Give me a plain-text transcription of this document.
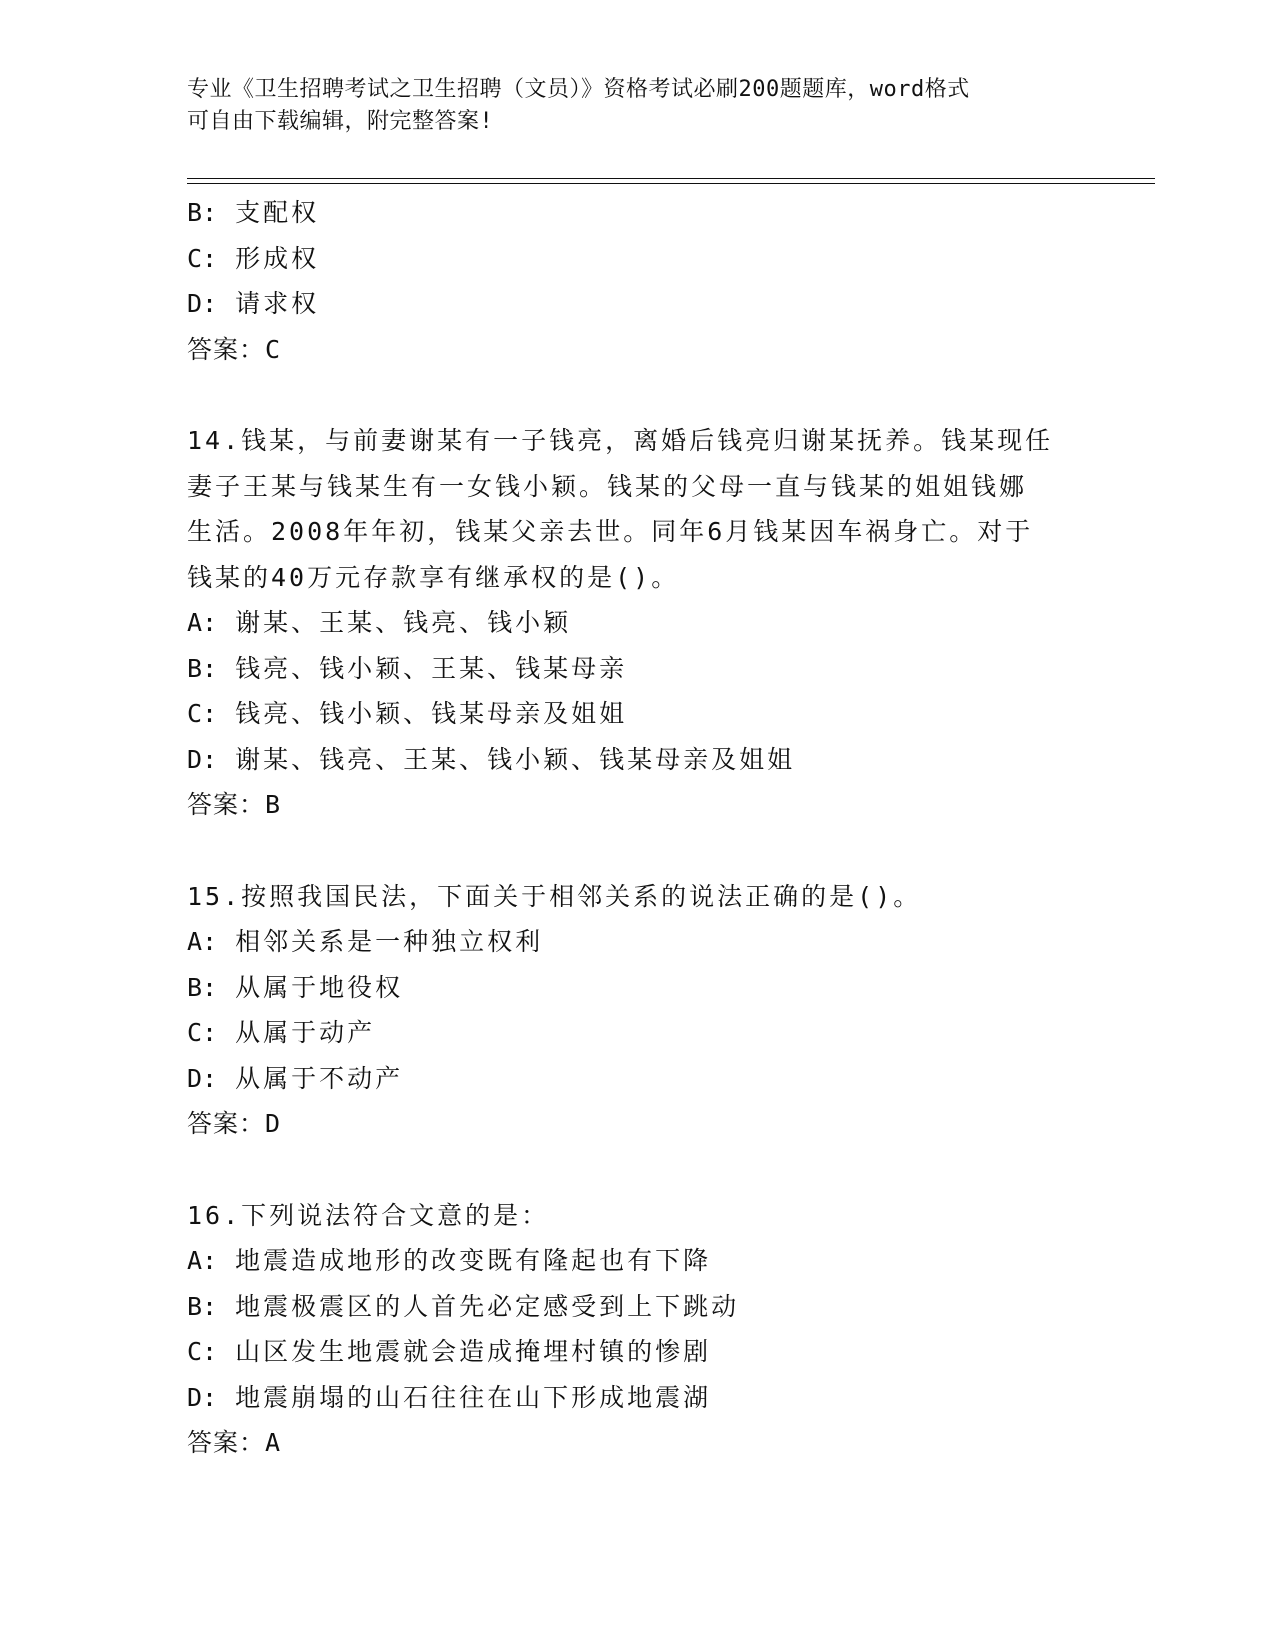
专业《卫生招聘考试之卫生招聘（文员）》资格考试必刷200题题库，word格式
可自由下载编辑，附完整答案!
B: 支配权
C: 形成权
D: 请求权
答案：C
14.钱某，与前妻谢某有一子钱亮，离婚后钱亮归谢某抚养。钱某现任
妻子王某与钱某生有一女钱小颖。钱某的父母一直与钱某的姐姐钱娜
生活。2008年年初，钱某父亲去世。同年6月钱某因车祸身亡。对于
钱某的40万元存款享有继承权的是()。
A: 谢某、王某、钱亮、钱小颖
B: 钱亮、钱小颖、王某、钱某母亲
C: 钱亮、钱小颖、钱某母亲及姐姐
D: 谢某、钱亮、王某、钱小颖、钱某母亲及姐姐
答案：B
15.按照我国民法，下面关于相邻关系的说法正确的是()。
A: 相邻关系是一种独立权利
B: 从属于地役权
C: 从属于动产
D: 从属于不动产
答案：D
16.下列说法符合文意的是：
A: 地震造成地形的改变既有隆起也有下降
B: 地震极震区的人首先必定感受到上下跳动
C: 山区发生地震就会造成掩埋村镇的惨剧
D: 地震崩塌的山石往往在山下形成地震湖
答案：A
